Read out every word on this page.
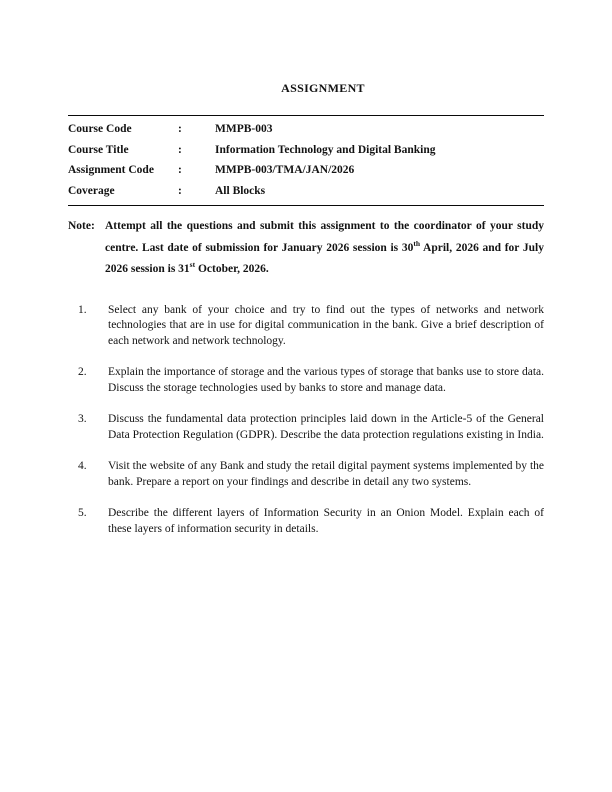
ASSIGNMENT
Course Code	:	MMPB-003
Course Title	:	Information Technology and Digital Banking
Assignment Code	:	MMPB-003/TMA/JAN/2026
Coverage	:	All Blocks
Note: Attempt all the questions and submit this assignment to the coordinator of your study centre. Last date of submission for January 2026 session is 30th April, 2026 and for July 2026 session is 31st October, 2026.
1.	Select any bank of your choice and try to find out the types of networks and network technologies that are in use for digital communication in the bank. Give a brief description of each network and network technology.
2.	Explain the importance of storage and the various types of storage that banks use to store data. Discuss the storage technologies used by banks to store and manage data.
3.	Discuss the fundamental data protection principles laid down in the Article-5 of the General Data Protection Regulation (GDPR). Describe the data protection regulations existing in India.
4.	Visit the website of any Bank and study the retail digital payment systems implemented by the bank. Prepare a report on your findings and describe in detail any two systems.
5.	Describe the different layers of Information Security in an Onion Model. Explain each of these layers of information security in details.
